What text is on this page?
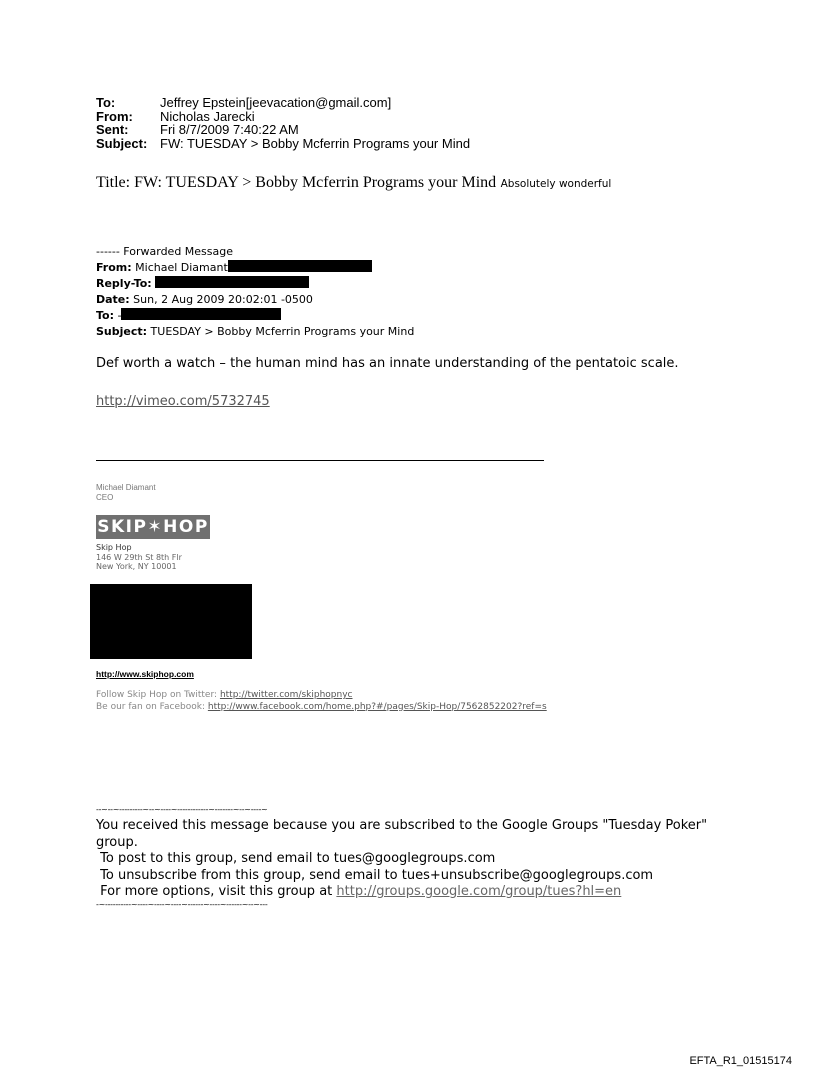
To:	Jeffrey Epstein[jeevacation@gmail.com]
From:	Nicholas Jarecki
Sent:	Fri 8/7/2009 7:40:22 AM
Subject: FW: TUESDAY > Bobby Mcferrin Programs your Mind
Title: FW: TUESDAY > Bobby Mcferrin Programs your Mind Absolutely wonderful
------ Forwarded Message
From: Michael Diamant
Reply-To:
Date: Sun, 2 Aug 2009 20:02:01 -0500
To: -
Subject: TUESDAY > Bobby Mcferrin Programs your Mind
Def worth a watch – the human mind has an innate understanding of the pentatoic scale.
http://vimeo.com/5732745
Michael Diamant
CEO
SKIP✶HOP
Skip Hop
146 W 29th St 8th Flr
New York, NY 10001
http://www.skiphop.com
Follow Skip Hop on Twitter: http://twitter.com/skiphopnyc
Be our fan on Facebook: http://www.facebook.com/home.php?#/pages/Skip-Hop/7562852202?ref=s
--~--~---------~--~----~------------~-------~--~----~
You received this message because you are subscribed to the Google Groups "Tuesday Poker" group.
To post to this group, send email to tues@googlegroups.com
To unsubscribe from this group, send email to tues+unsubscribe@googlegroups.com
For more options, visit this group at http://groups.google.com/group/tues?hl=en
-~----------~----~----~----~------~----~------~--~---
EFTA_R1_01515174
